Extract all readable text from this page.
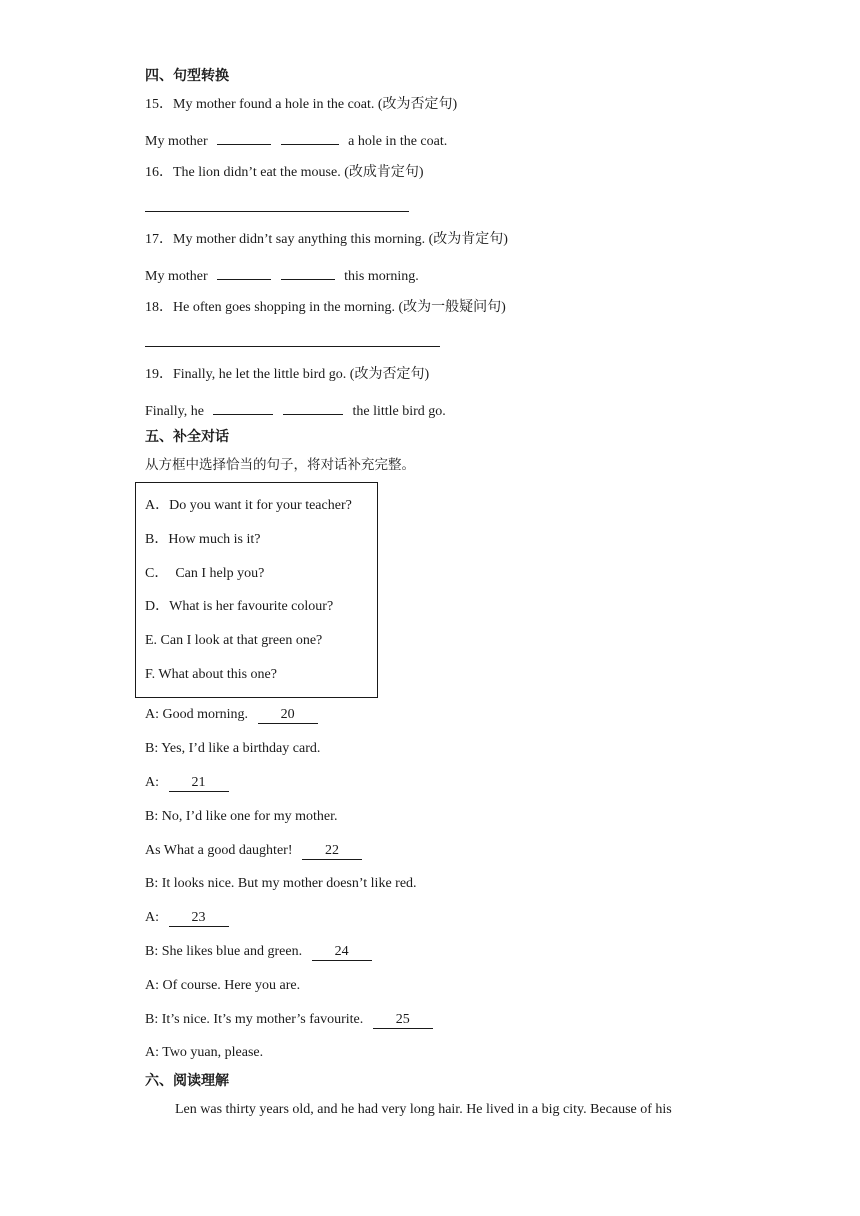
四、句型转换
15．My mother found a hole in the coat. (改为否定句)
My mother	a hole in the coat.
16．The lion didn’t eat the mouse. (改成肯定句)
17．My mother didn’t say anything this morning. (改为肯定句)
My mother	this morning.
18．He often goes shopping in the morning. (改为一般疑问句)
19．Finally, he let the little bird go. (改为否定句)
Finally, he	the little bird go.
五、补全对话
从方框中选择恰当的句子，将对话补充完整。
A．Do you want it for your teacher?
B．How much is it?
C．  Can I help you?
D．What is her favourite colour?
E. Can I look at that green one?
F. What about this one?
A: Good morning. 20
B: Yes, I’d like a birthday card.
A: 21
B: No, I’d like one for my mother.
As What a good daughter! 22
B: It looks nice. But my mother doesn’t like red.
A: 23
B: She likes blue and green. 24
A: Of course. Here you are.
B: It’s nice. It’s my mother’s favourite. 25
A: Two yuan, please.
六、阅读理解
Len was thirty years old, and he had very long hair. He lived in a big city. Because of his
